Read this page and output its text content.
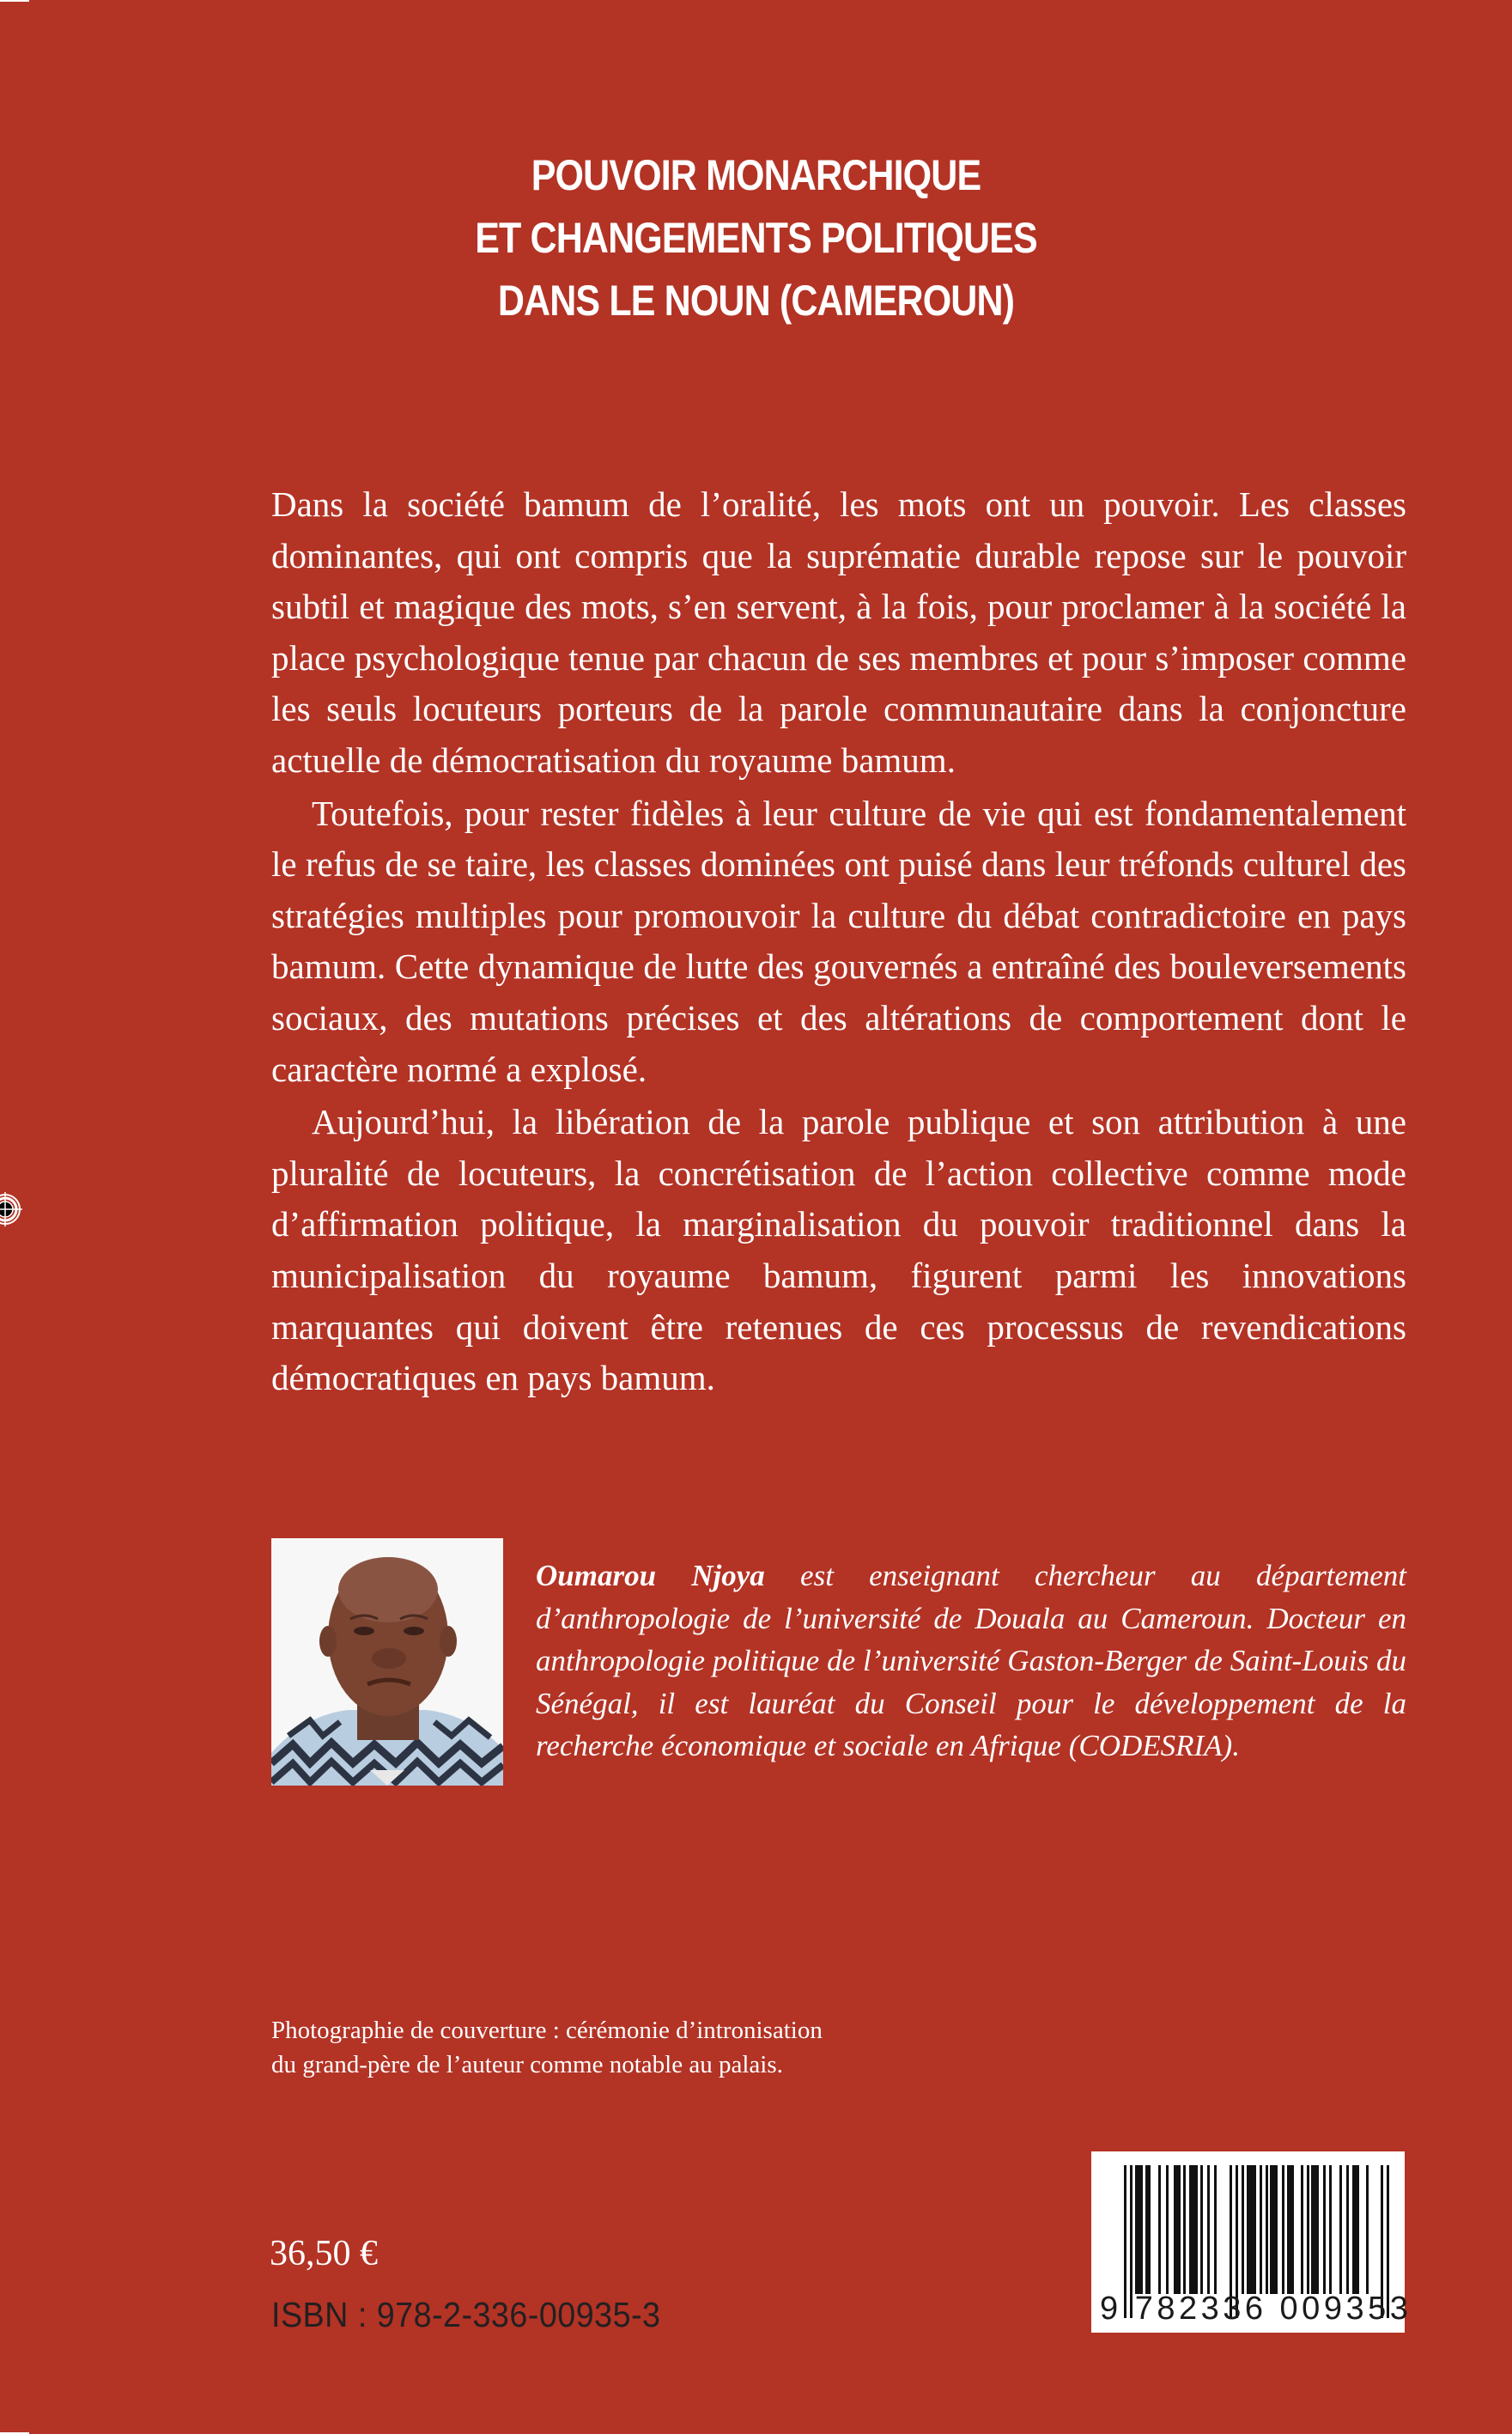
POUVOIR MONARCHIQUE
ET CHANGEMENTS POLITIQUES
DANS LE NOUN (CAMEROUN)

Dans la société bamum de l’oralité, les mots ont un pouvoir. Les classes dominantes, qui ont compris que la suprématie durable repose sur le pouvoir subtil et magique des mots, s’en servent, à la fois, pour proclamer à la société la place psychologique tenue par chacun de ses membres et pour s’imposer comme les seuls locuteurs porteurs de la parole communautaire dans la conjoncture actuelle de démocratisation du royaume bamum.

Toutefois, pour rester fidèles à leur culture de vie qui est fondamentalement le refus de se taire, les classes dominées ont puisé dans leur tréfonds culturel des stratégies multiples pour promouvoir la culture du débat contradictoire en pays bamum. Cette dynamique de lutte des gouvernés a entraîné des bouleversements sociaux, des mutations précises et des altérations de comportement dont le caractère normé a explosé.

Aujourd’hui, la libération de la parole publique et son attribution à une pluralité de locuteurs, la concrétisation de l’action collective comme mode d’affirmation politique, la marginalisation du pouvoir traditionnel dans la municipalisation du royaume bamum, figurent parmi les innovations marquantes qui doivent être retenues de ces processus de revendications démocratiques en pays bamum.

Oumarou Njoya est enseignant chercheur au département d’anthropologie de l’université de Douala au Cameroun. Docteur en anthropologie politique de l’université Gaston-Berger de Saint-Louis du Sénégal, il est lauréat du Conseil pour le développement de la recherche économique et sociale en Afrique (CODESRIA).
Photographie de couverture : cérémonie d’intronisation
du grand-père de l’auteur comme notable au palais.
36,50 €
ISBN : 978-2-336-00935-3	9 782336 009353
